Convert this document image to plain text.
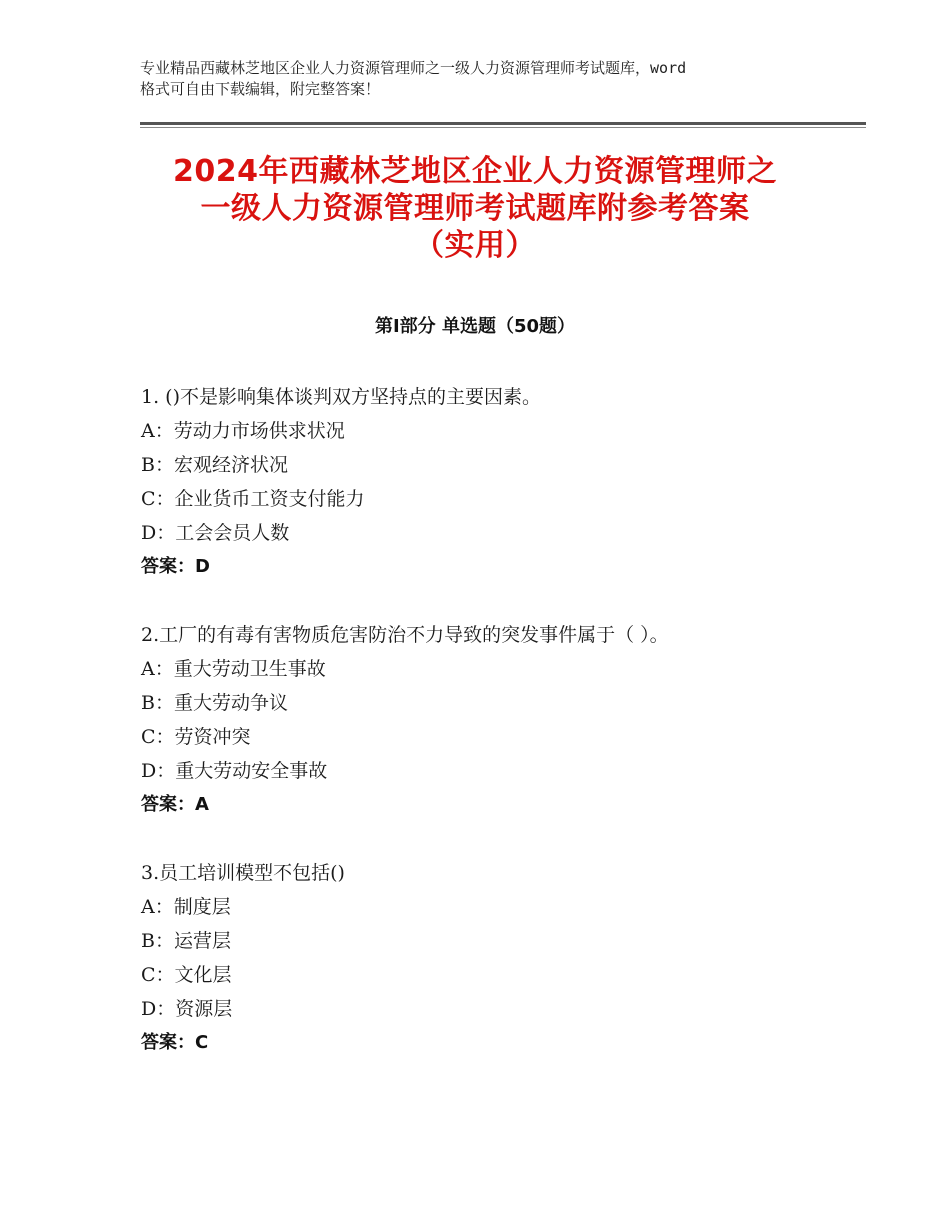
专业精品西藏林芝地区企业人力资源管理师之一级人力资源管理师考试题库，word
格式可自由下载编辑，附完整答案！
2024年西藏林芝地区企业人力资源管理师之
一级人力资源管理师考试题库附参考答案
（实用）
第Ⅰ部分 单选题（50题）
1. ()不是影响集体谈判双方坚持点的主要因素。
A：劳动力市场供求状况
B：宏观经济状况
C：企业货币工资支付能力
D：工会会员人数
答案：D
2.工厂的有毒有害物质危害防治不力导致的突发事件属于（ ）。
A：重大劳动卫生事故
B：重大劳动争议
C：劳资冲突
D：重大劳动安全事故
答案：A
3.员工培训模型不包括()
A：制度层
B：运营层
C：文化层
D：资源层
答案：C
